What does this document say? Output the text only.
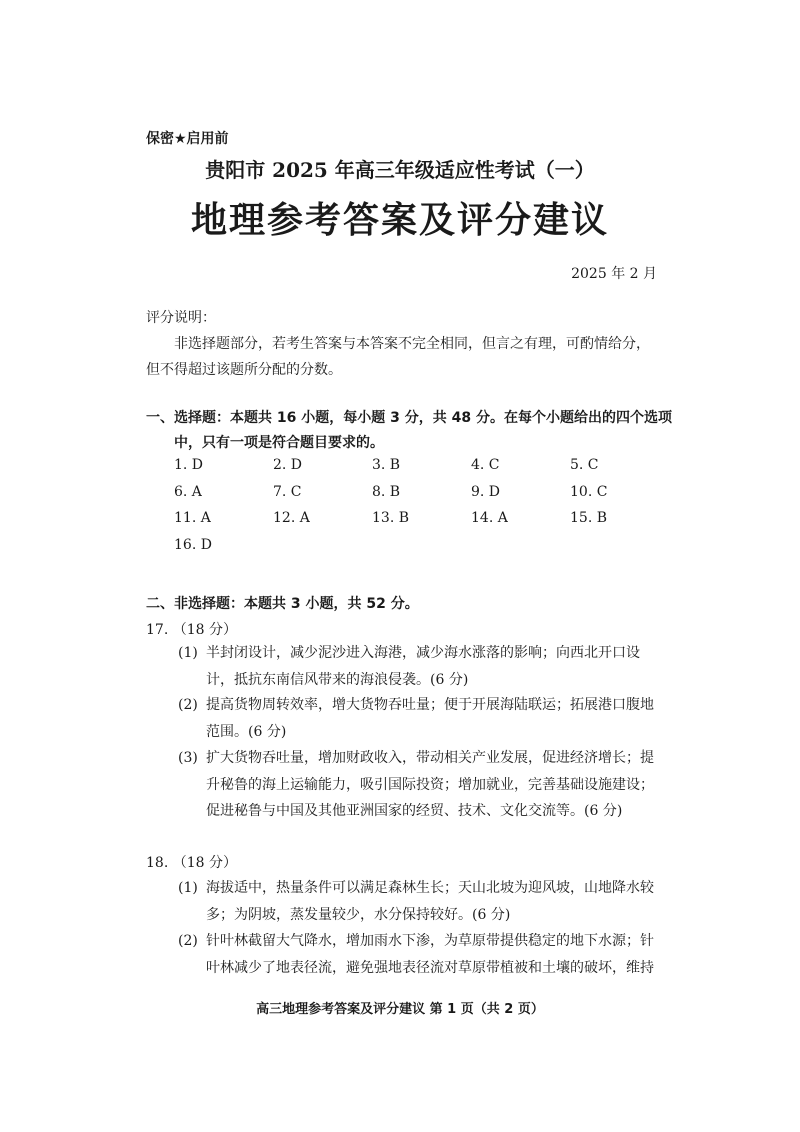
保密★启用前
贵阳市 2025 年高三年级适应性考试（一）
地理参考答案及评分建议
2025 年 2 月
评分说明：
非选择题部分，若考生答案与本答案不完全相同，但言之有理，可酌情给分，
但不得超过该题所分配的分数。
一、选择题：本题共 16 小题，每小题 3 分，共 48 分。在每个小题给出的四个选项
中，只有一项是符合题目要求的。
1. D	2. D	3. B	4. C	5. C
6. A	7. C	8. B	9. D	10. C
11. A	12. A	13. B	14. A	15. B
16. D
二、非选择题：本题共 3 小题，共 52 分。
17. （18 分）
(1) 半封闭设计，减少泥沙进入海港，减少海水涨落的影响；向西北开口设计，抵抗东南信风带来的海浪侵袭。(6 分)
(2) 提高货物周转效率，增大货物吞吐量；便于开展海陆联运；拓展港口腹地范围。(6 分)
(3) 扩大货物吞吐量，增加财政收入，带动相关产业发展，促进经济增长；提升秘鲁的海上运输能力，吸引国际投资；增加就业，完善基础设施建设；促进秘鲁与中国及其他亚洲国家的经贸、技术、文化交流等。(6 分)
18. （18 分）
(1) 海拔适中，热量条件可以满足森林生长；天山北坡为迎风坡，山地降水较多；为阴坡，蒸发量较少，水分保持较好。(6 分)
(2) 针叶林截留大气降水，增加雨水下渗，为草原带提供稳定的地下水源；针叶林减少了地表径流，避免强地表径流对草原带植被和土壤的破坏，维持
高三地理参考答案及评分建议 第 1 页（共 2 页）
